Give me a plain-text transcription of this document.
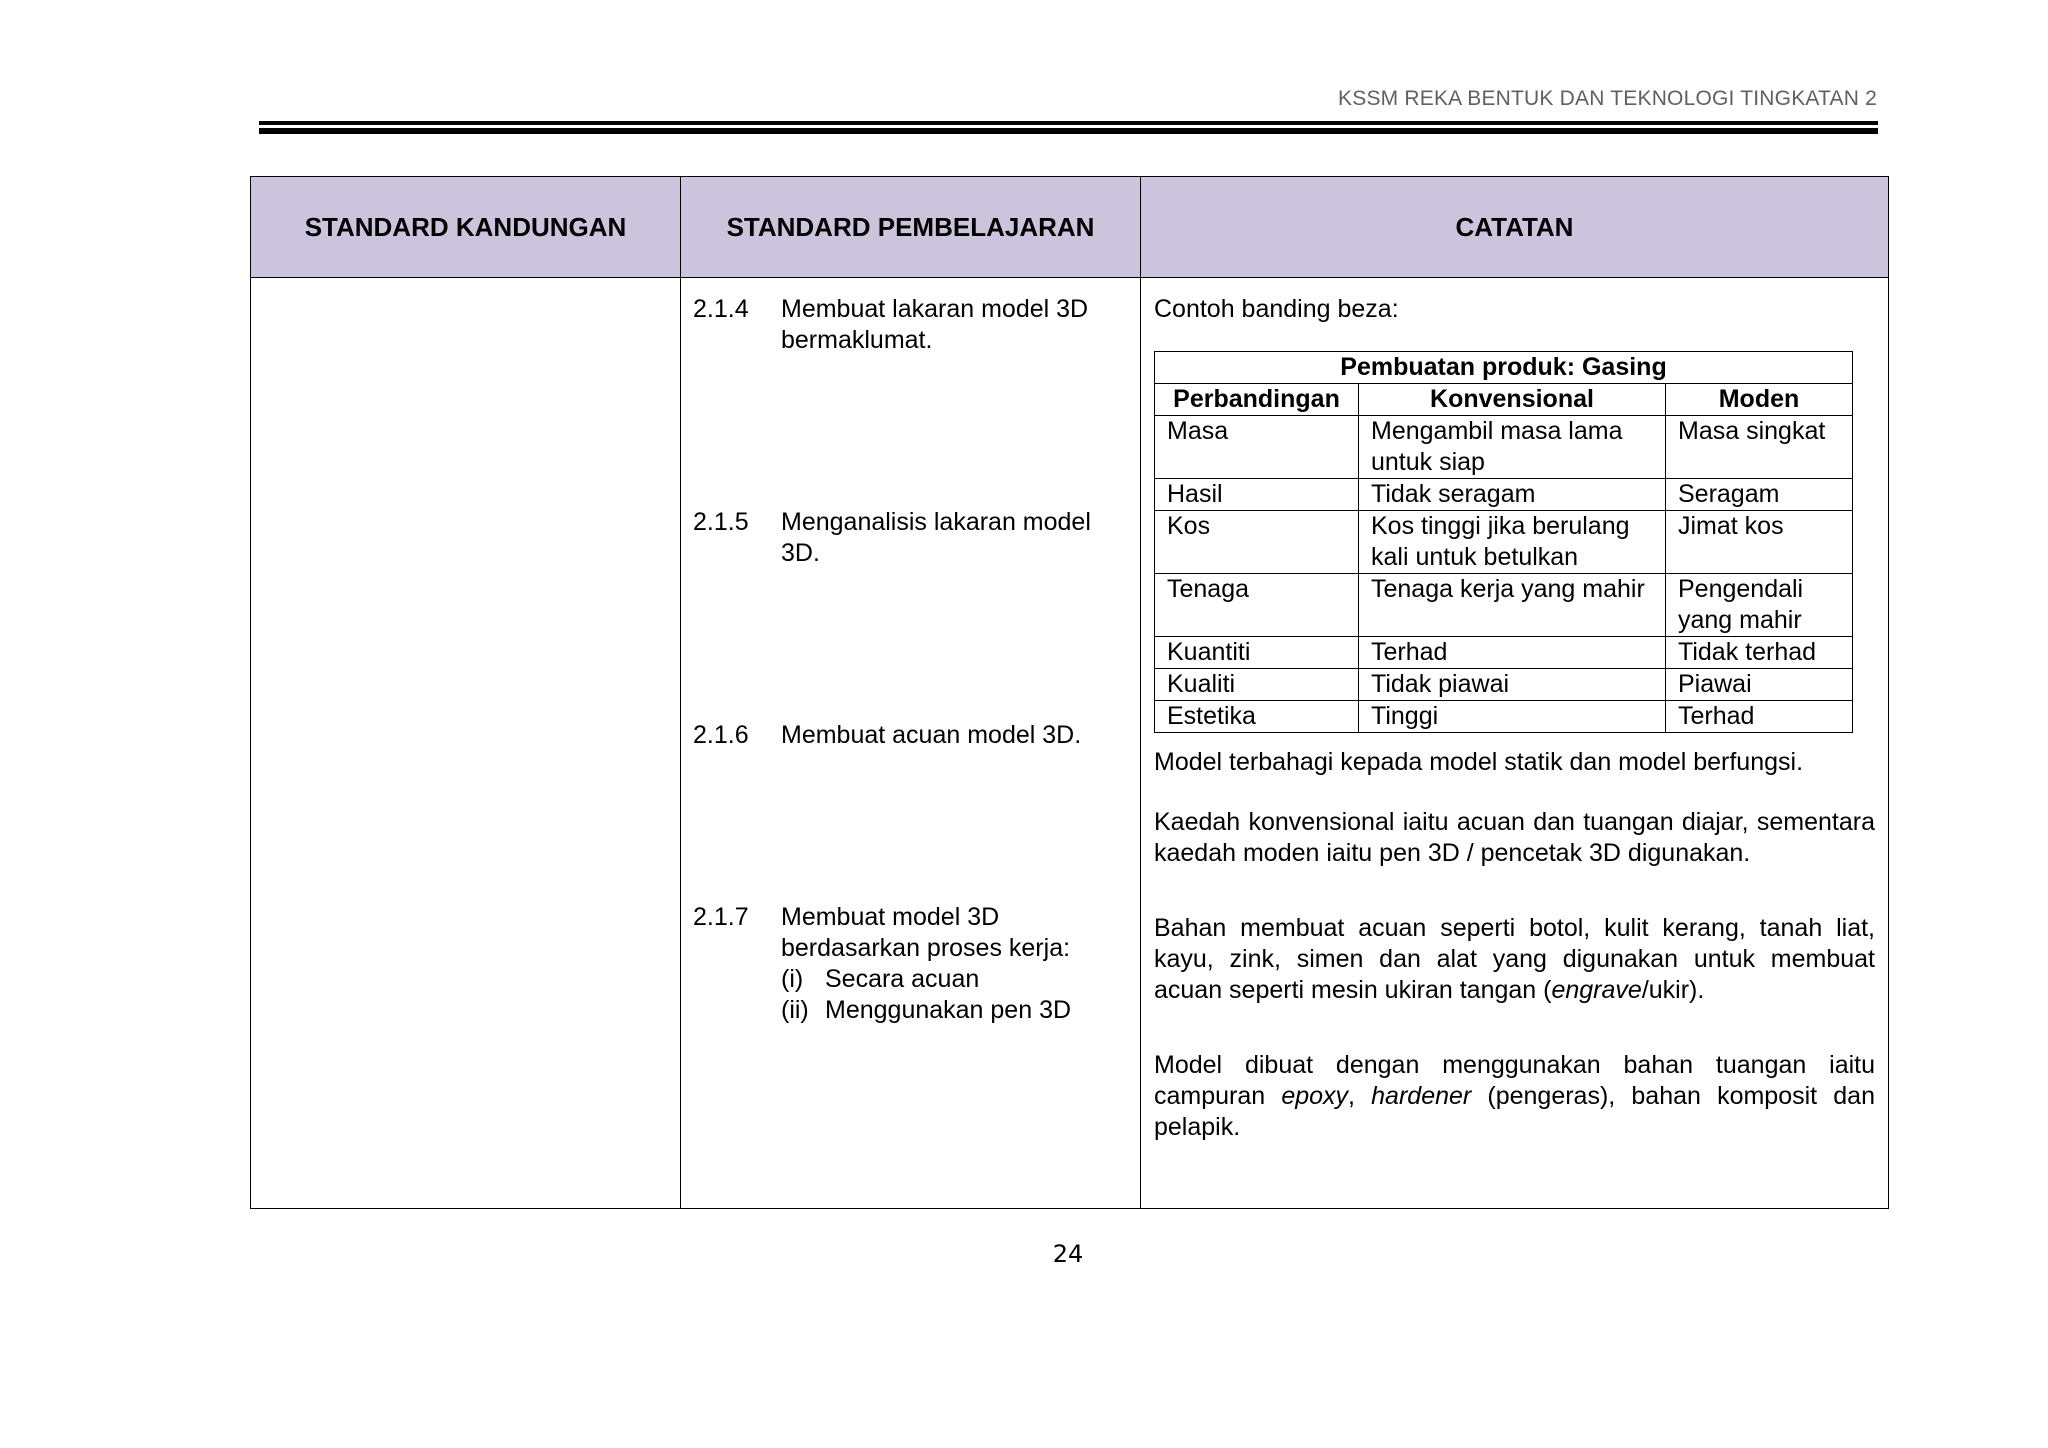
KSSM REKA BENTUK DAN TEKNOLOGI TINGKATAN 2
STANDARD KANDUNGAN	STANDARD PEMBELAJARAN	CATATAN

2.1.4	Membuat lakaran model 3D bermaklumat.
2.1.5	Menganalisis lakaran model 3D.
2.1.6	Membuat acuan model 3D.
2.1.7	Membuat model 3D berdasarkan proses kerja:
(i) Secara acuan
(ii) Menggunakan pen 3D

Contoh banding beza:

Pembuatan produk: Gasing
Perbandingan	Konvensional	Moden
Masa	Mengambil masa lama untuk siap	Masa singkat
Hasil	Tidak seragam	Seragam
Kos	Kos tinggi jika berulang kali untuk betulkan	Jimat kos
Tenaga	Tenaga kerja yang mahir	Pengendali yang mahir
Kuantiti	Terhad	Tidak terhad
Kualiti	Tidak piawai	Piawai
Estetika	Tinggi	Terhad

Model terbahagi kepada model statik dan model berfungsi.

Kaedah konvensional iaitu acuan dan tuangan diajar, sementara kaedah moden iaitu pen 3D / pencetak 3D digunakan.

Bahan membuat acuan seperti botol, kulit kerang, tanah liat, kayu, zink, simen dan alat yang digunakan untuk membuat acuan seperti mesin ukiran tangan (engrave/ukir).

Model dibuat dengan menggunakan bahan tuangan iaitu campuran epoxy, hardener (pengeras), bahan komposit dan pelapik.

24
